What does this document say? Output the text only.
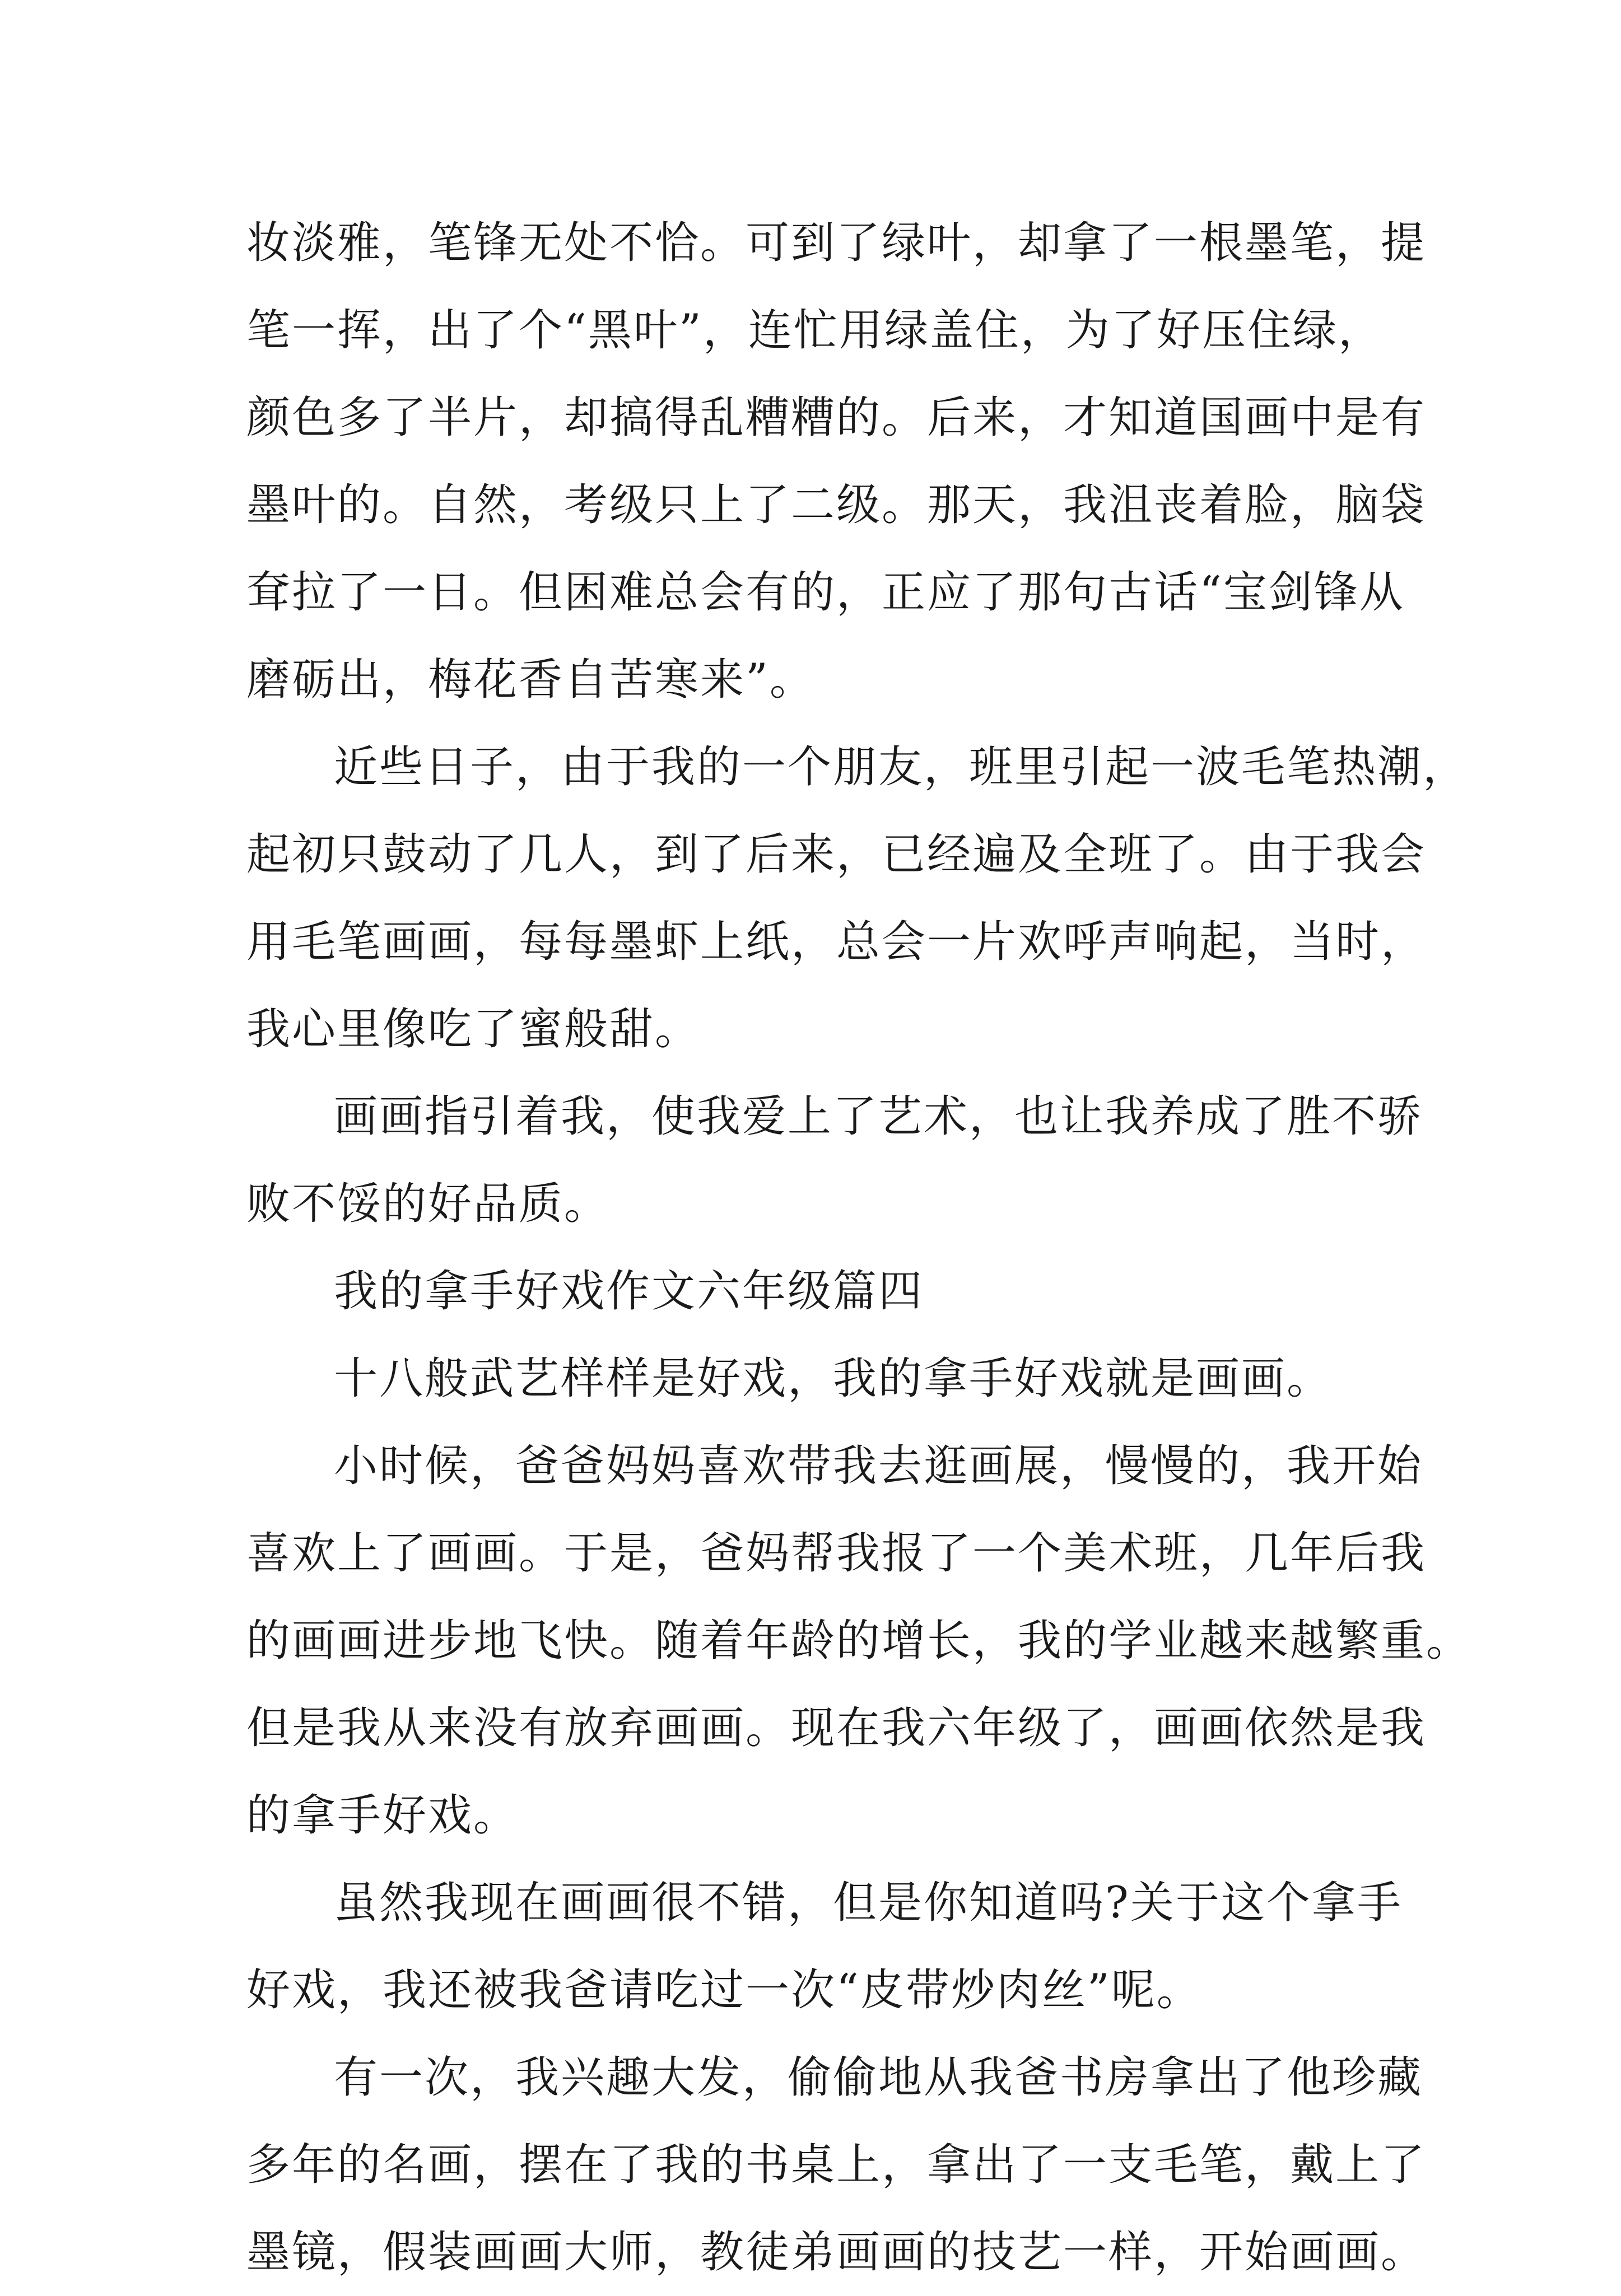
妆淡雅，笔锋无处不恰。可到了绿叶，却拿了一根墨笔，提
笔一挥，出了个“黑叶”，连忙用绿盖住，为了好压住绿，
颜色多了半片，却搞得乱糟糟的。后来，才知道国画中是有
墨叶的。自然，考级只上了二级。那天，我沮丧着脸，脑袋
耷拉了一日。但困难总会有的，正应了那句古话“宝剑锋从
磨砺出，梅花香自苦寒来”。
近些日子，由于我的一个朋友，班里引起一波毛笔热潮，
起初只鼓动了几人，到了后来，已经遍及全班了。由于我会
用毛笔画画，每每墨虾上纸，总会一片欢呼声响起，当时，
我心里像吃了蜜般甜。
画画指引着我，使我爱上了艺术，也让我养成了胜不骄
败不馁的好品质。
我的拿手好戏作文六年级篇四
十八般武艺样样是好戏，我的拿手好戏就是画画。
小时候，爸爸妈妈喜欢带我去逛画展，慢慢的，我开始
喜欢上了画画。于是，爸妈帮我报了一个美术班，几年后我
的画画进步地飞快。随着年龄的增长，我的学业越来越繁重。
但是我从来没有放弃画画。现在我六年级了，画画依然是我
的拿手好戏。
虽然我现在画画很不错，但是你知道吗?关于这个拿手
好戏，我还被我爸请吃过一次“皮带炒肉丝”呢。
有一次，我兴趣大发，偷偷地从我爸书房拿出了他珍藏
多年的名画，摆在了我的书桌上，拿出了一支毛笔，戴上了
墨镜，假装画画大师，教徒弟画画的技艺一样，开始画画。
